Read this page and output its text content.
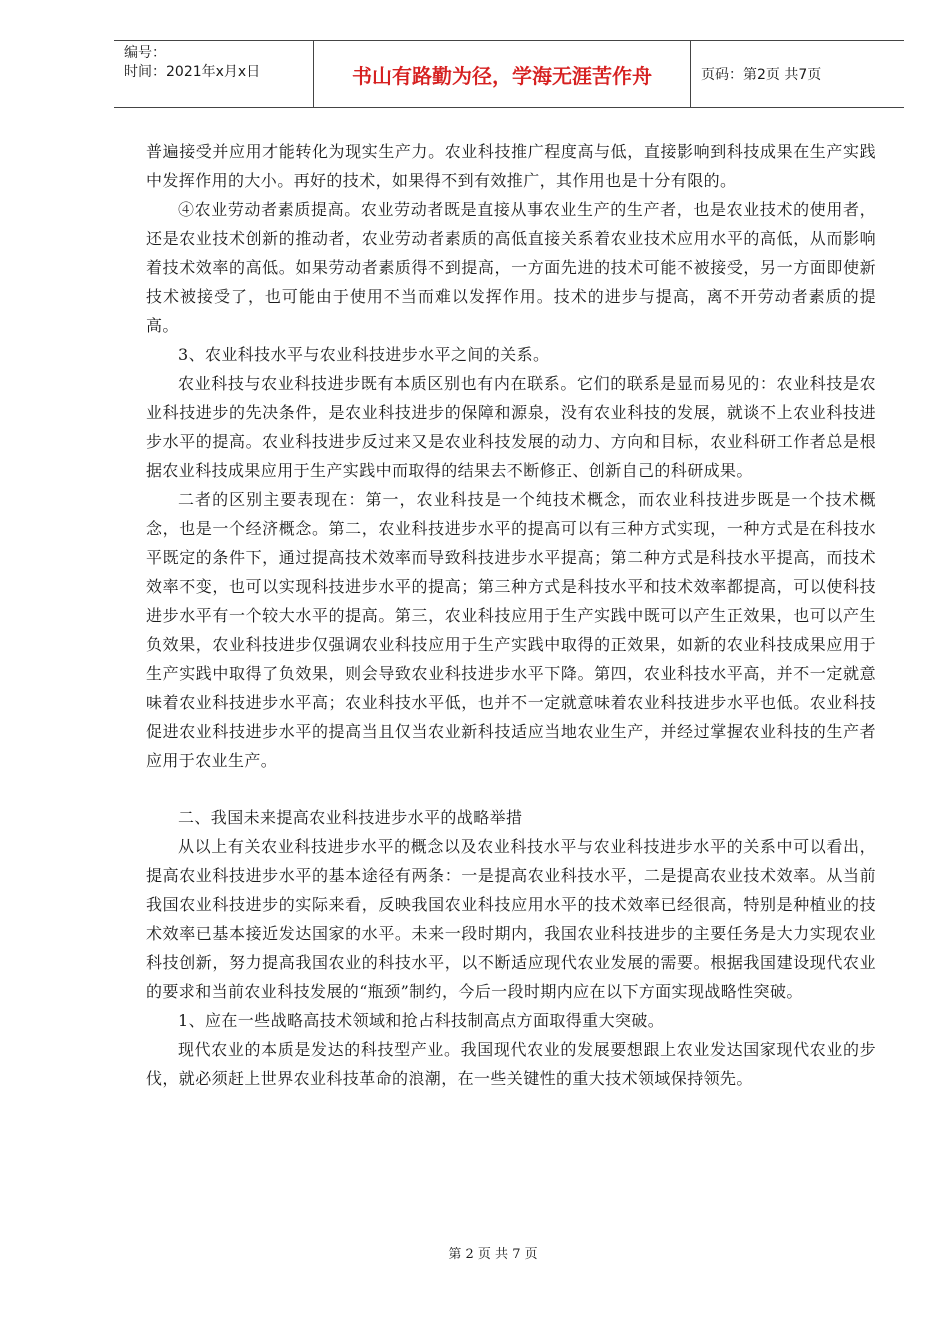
编号：
时间：2021年x月x日	书山有路勤为径，学海无涯苦作舟	页码：第2页 共7页

普遍接受并应用才能转化为现实生产力。农业科技推广程度高与低，直接影响到科技成果在生产实践中发挥作用的大小。再好的技术，如果得不到有效推广，其作用也是十分有限的。

④农业劳动者素质提高。农业劳动者既是直接从事农业生产的生产者，也是农业技术的使用者，还是农业技术创新的推动者，农业劳动者素质的高低直接关系着农业技术应用水平的高低，从而影响着技术效率的高低。如果劳动者素质得不到提高，一方面先进的技术可能不被接受，另一方面即使新技术被接受了，也可能由于使用不当而难以发挥作用。技术的进步与提高，离不开劳动者素质的提高。

3、农业科技水平与农业科技进步水平之间的关系。

农业科技与农业科技进步既有本质区别也有内在联系。它们的联系是显而易见的：农业科技是农业科技进步的先决条件，是农业科技进步的保障和源泉，没有农业科技的发展，就谈不上农业科技进步水平的提高。农业科技进步反过来又是农业科技发展的动力、方向和目标，农业科研工作者总是根据农业科技成果应用于生产实践中而取得的结果去不断修正、创新自己的科研成果。

二者的区别主要表现在：第一，农业科技是一个纯技术概念，而农业科技进步既是一个技术概念，也是一个经济概念。第二，农业科技进步水平的提高可以有三种方式实现，一种方式是在科技水平既定的条件下，通过提高技术效率而导致科技进步水平提高；第二种方式是科技水平提高，而技术效率不变，也可以实现科技进步水平的提高；第三种方式是科技水平和技术效率都提高，可以使科技进步水平有一个较大水平的提高。第三，农业科技应用于生产实践中既可以产生正效果，也可以产生负效果，农业科技进步仅强调农业科技应用于生产实践中取得的正效果，如新的农业科技成果应用于生产实践中取得了负效果，则会导致农业科技进步水平下降。第四，农业科技水平高，并不一定就意味着农业科技进步水平高；农业科技水平低，也并不一定就意味着农业科技进步水平也低。农业科技促进农业科技进步水平的提高当且仅当农业新科技适应当地农业生产，并经过掌握农业科技的生产者应用于农业生产。

二、我国未来提高农业科技进步水平的战略举措

从以上有关农业科技进步水平的概念以及农业科技水平与农业科技进步水平的关系中可以看出，提高农业科技进步水平的基本途径有两条：一是提高农业科技水平，二是提高农业技术效率。从当前我国农业科技进步的实际来看，反映我国农业科技应用水平的技术效率已经很高，特别是种植业的技术效率已基本接近发达国家的水平。未来一段时期内，我国农业科技进步的主要任务是大力实现农业科技创新，努力提高我国农业的科技水平，以不断适应现代农业发展的需要。根据我国建设现代农业的要求和当前农业科技发展的“瓶颈”制约，今后一段时期内应在以下方面实现战略性突破。

1、应在一些战略高技术领域和抢占科技制高点方面取得重大突破。

现代农业的本质是发达的科技型产业。我国现代农业的发展要想跟上农业发达国家现代农业的步伐，就必须赶上世界农业科技革命的浪潮，在一些关键性的重大技术领域保持领先。

第 2 页 共 7 页
